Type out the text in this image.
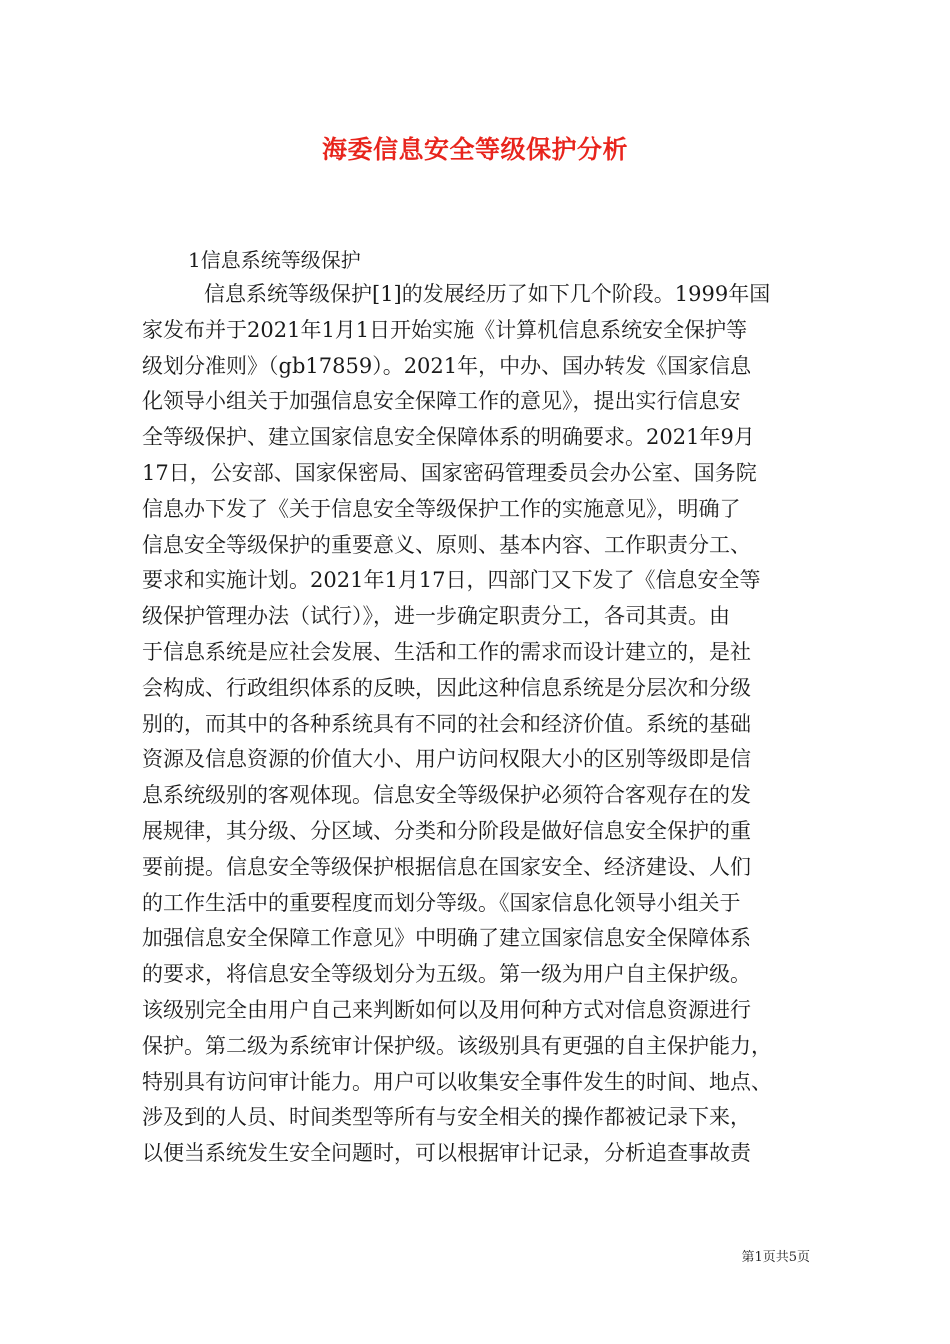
海委信息安全等级保护分析

1信息系统等级保护

信息系统等级保护[1]的发展经历了如下几个阶段。1999年国
家发布并于2021年1月1日开始实施《计算机信息系统安全保护等
级划分准则》（gb17859）。2021年，中办、国办转发《国家信息
化领导小组关于加强信息安全保障工作的意见》，提出实行信息安
全等级保护、建立国家信息安全保障体系的明确要求。2021年9月
17日，公安部、国家保密局、国家密码管理委员会办公室、国务院
信息办下发了《关于信息安全等级保护工作的实施意见》，明确了
信息安全等级保护的重要意义、原则、基本内容、工作职责分工、
要求和实施计划。2021年1月17日，四部门又下发了《信息安全等
级保护管理办法（试行）》，进一步确定职责分工，各司其责。由
于信息系统是应社会发展、生活和工作的需求而设计建立的，是社
会构成、行政组织体系的反映，因此这种信息系统是分层次和分级
别的，而其中的各种系统具有不同的社会和经济价值。系统的基础
资源及信息资源的价值大小、用户访问权限大小的区别等级即是信
息系统级别的客观体现。信息安全等级保护必须符合客观存在的发
展规律，其分级、分区域、分类和分阶段是做好信息安全保护的重
要前提。信息安全等级保护根据信息在国家安全、经济建设、人们
的工作生活中的重要程度而划分等级。《国家信息化领导小组关于
加强信息安全保障工作意见》中明确了建立国家信息安全保障体系
的要求，将信息安全等级划分为五级。第一级为用户自主保护级。
该级别完全由用户自己来判断如何以及用何种方式对信息资源进行
保护。第二级为系统审计保护级。该级别具有更强的自主保护能力，
特别具有访问审计能力。用户可以收集安全事件发生的时间、地点、
涉及到的人员、时间类型等所有与安全相关的操作都被记录下来，
以便当系统发生安全问题时，可以根据审计记录，分析追查事故责
第1页共5页
